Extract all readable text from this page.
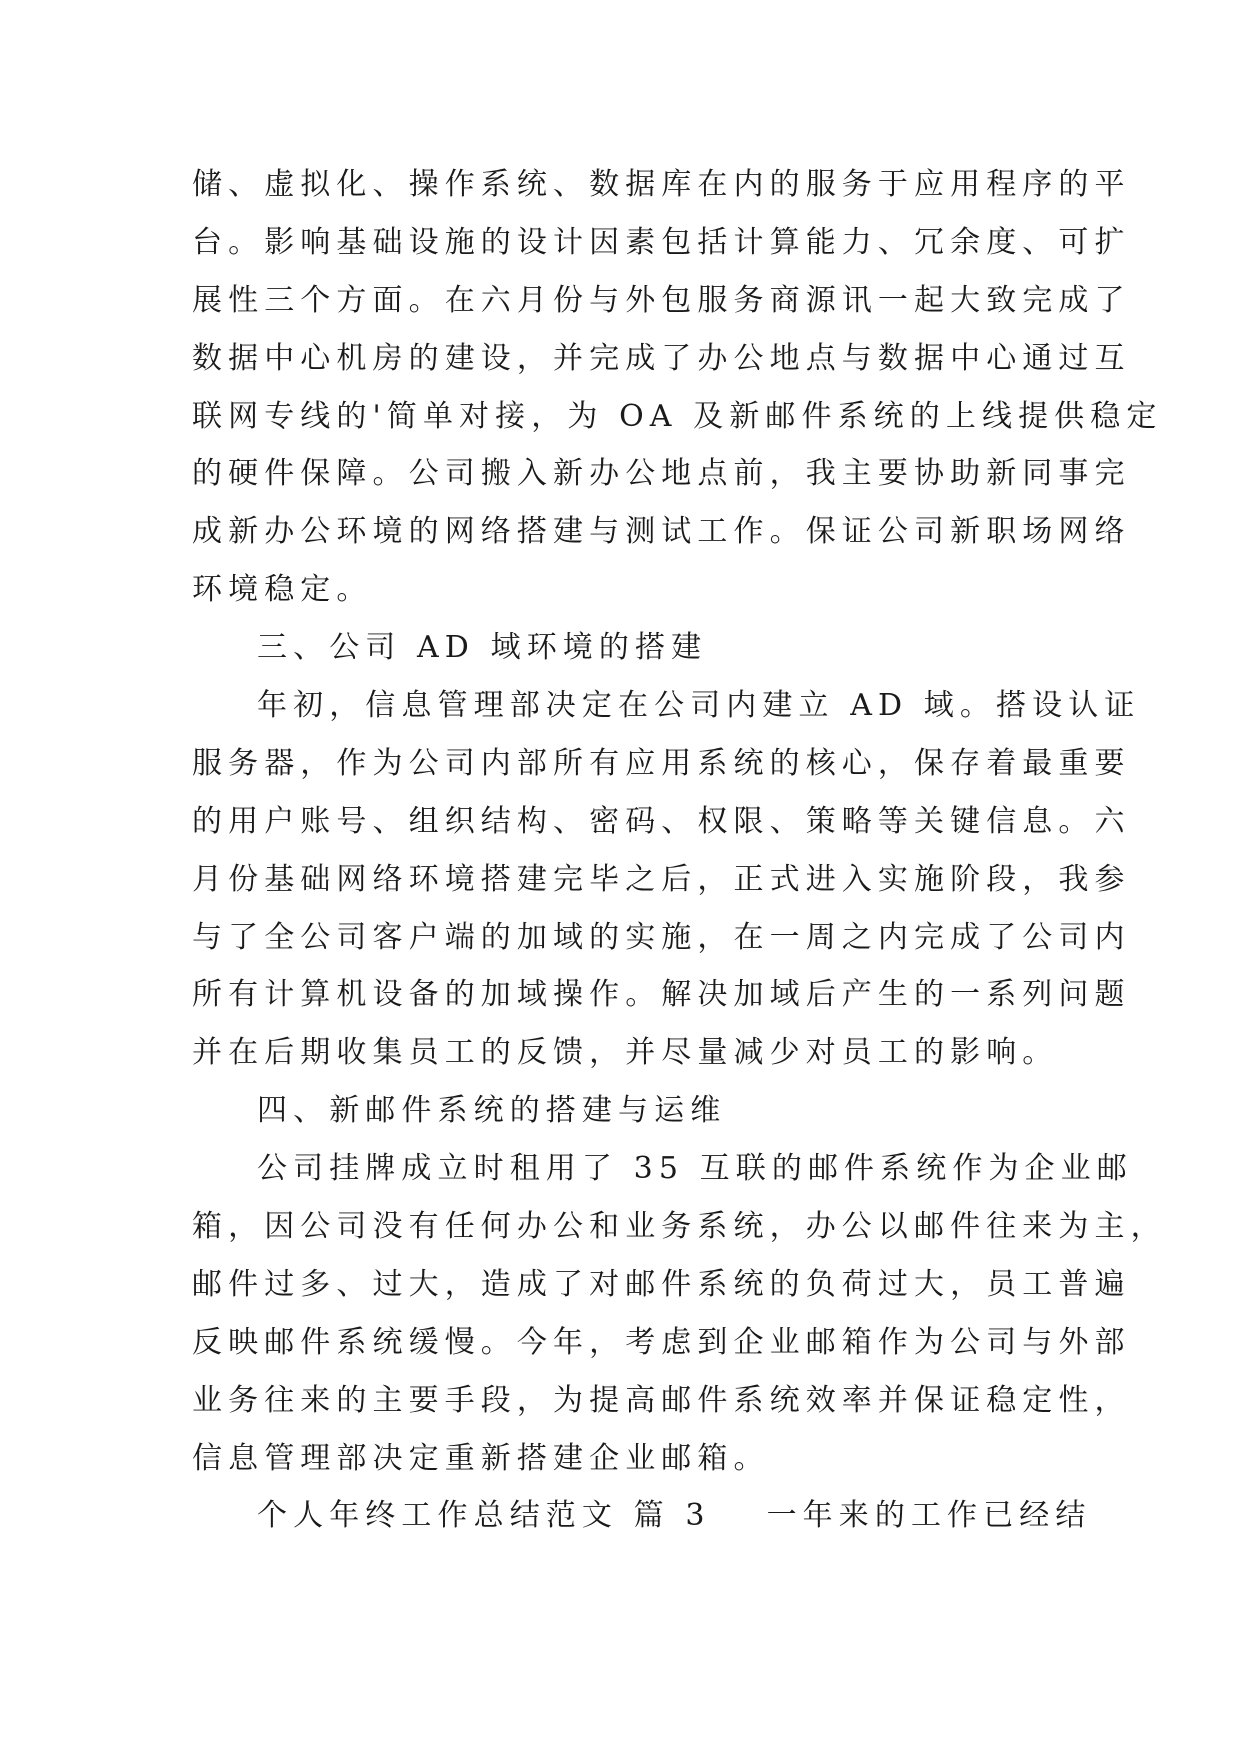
储、虚拟化、操作系统、数据库在内的服务于应用程序的平
台。影响基础设施的设计因素包括计算能力、冗余度、可扩
展性三个方面。在六月份与外包服务商源讯一起大致完成了
数据中心机房的建设，并完成了办公地点与数据中心通过互
联网专线的'简单对接，为 OA 及新邮件系统的上线提供稳定
的硬件保障。公司搬入新办公地点前，我主要协助新同事完
成新办公环境的网络搭建与测试工作。保证公司新职场网络
环境稳定。
三、公司 AD 域环境的搭建
年初，信息管理部决定在公司内建立 AD 域。搭设认证
服务器，作为公司内部所有应用系统的核心，保存着最重要
的用户账号、组织结构、密码、权限、策略等关键信息。六
月份基础网络环境搭建完毕之后，正式进入实施阶段，我参
与了全公司客户端的加域的实施，在一周之内完成了公司内
所有计算机设备的加域操作。解决加域后产生的一系列问题
并在后期收集员工的反馈，并尽量减少对员工的影响。
四、新邮件系统的搭建与运维
公司挂牌成立时租用了 35 互联的邮件系统作为企业邮
箱，因公司没有任何办公和业务系统，办公以邮件往来为主，
邮件过多、过大，造成了对邮件系统的负荷过大，员工普遍
反映邮件系统缓慢。今年，考虑到企业邮箱作为公司与外部
业务往来的主要手段，为提高邮件系统效率并保证稳定性，
信息管理部决定重新搭建企业邮箱。
个人年终工作总结范文 篇 3 一年来的工作已经结
